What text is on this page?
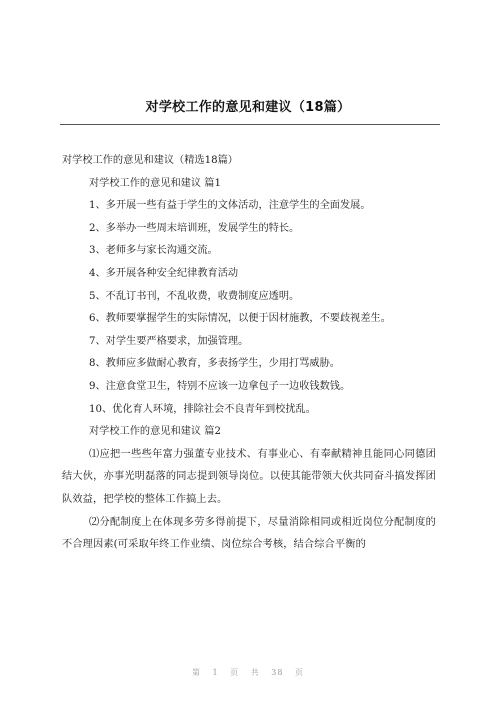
对学校工作的意见和建议（18篇）

对学校工作的意见和建议（精选18篇）

对学校工作的意见和建议 篇1

1、多开展一些有益于学生的文体活动，注意学生的全面发展。

2、多举办一些周末培训班，发展学生的特长。

3、老师多与家长沟通交流。

4、多开展各种安全纪律教育活动

5、不乱订书刊，不乱收费，收费制度应透明。

6、教师要掌握学生的实际情况，以便于因材施教，不要歧视差生。

7、对学生要严格要求，加强管理。

8、教师应多做耐心教育，多表扬学生，少用打骂威胁。

9、注意食堂卫生，特别不应该一边拿包子一边收钱数钱。

10、优化育人环境，排除社会不良青年到校扰乱。

对学校工作的意见和建议 篇2

⑴应把一些些年富力强董专业技术、有事业心、有奉献精神且能同心同德团结大伙，亦事光明磊落的同志提到领导岗位。以使其能带领大伙共同奋斗搞发挥团队效益，把学校的整体工作搞上去。

⑵分配制度上在体现多劳多得前提下，尽量消除相同或相近岗位分配制度的不合理因素(可采取年终工作业绩、岗位综合考核，结合综合平衡的

第 1 页 共 38 页
